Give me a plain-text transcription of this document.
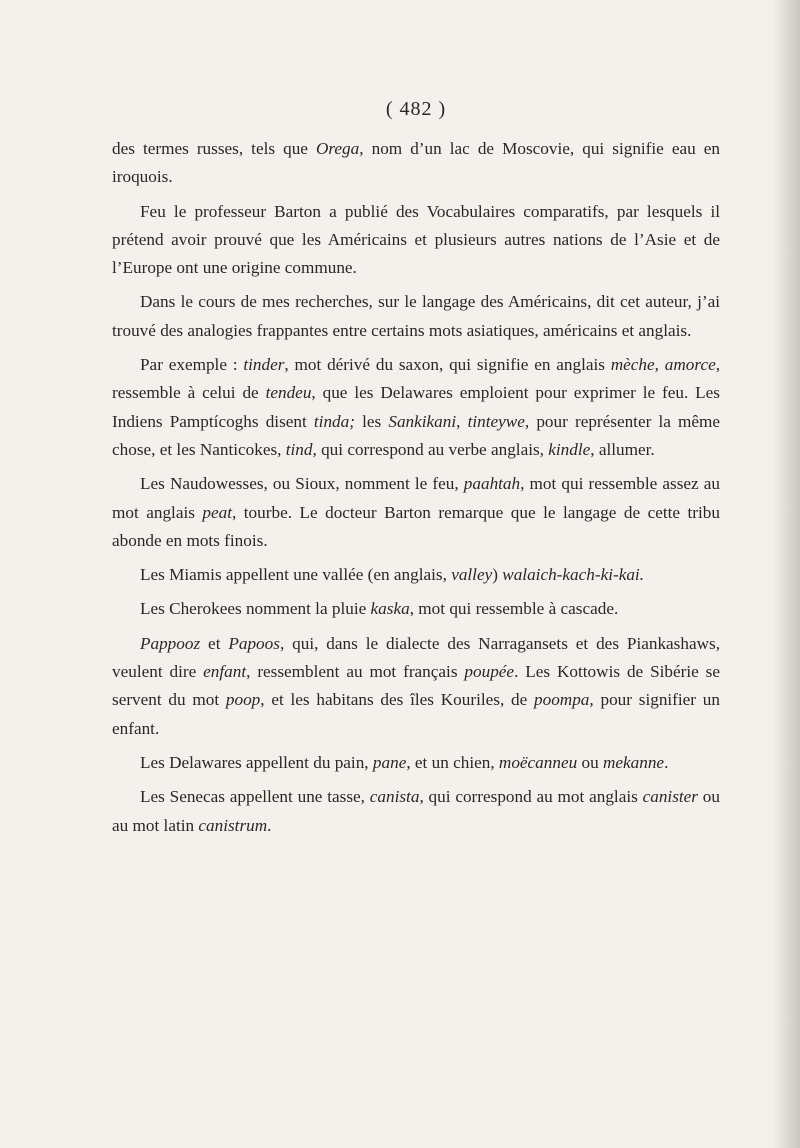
( 482 )

des termes russes, tels que Orega, nom d’un lac de Moscovie, qui signifie eau en iroquois.

Feu le professeur Barton a publié des Vocabulaires comparatifs, par lesquels il prétend avoir prouvé que les Américains et plusieurs autres nations de l’Asie et de l’Europe ont une origine commune.

Dans le cours de mes recherches, sur le langage des Américains, dit cet auteur, j’ai trouvé des analogies frappantes entre certains mots asiatiques, américains et anglais.

Par exemple : tinder, mot dérivé du saxon, qui signifie en anglais mèche, amorce, ressemble à celui de tendeu, que les Delawares emploient pour exprimer le feu. Les Indiens Pamptícoghs disent tinda; les Sankikani, tinteywe, pour représenter la même chose, et les Nanticokes, tind, qui correspond au verbe anglais, kindle, allumer.

Les Naudowesses, ou Sioux, nomment le feu, paahtah, mot qui ressemble assez au mot anglais peat, tourbe. Le docteur Barton remarque que le langage de cette tribu abonde en mots finois.

Les Miamis appellent une vallée (en anglais, valley) walaich-kach-ki-kai.

Les Cherokees nomment la pluie kaska, mot qui ressemble à cascade.

Pappooz et Papoos, qui, dans le dialecte des Narragansets et des Piankashaws, veulent dire enfant, ressemblent au mot français poupée. Les Kottowis de Sibérie se servent du mot poop, et les habitans des îles Kouriles, de poompa, pour signifier un enfant.

Les Delawares appellent du pain, pane, et un chien, moëcanneu ou mekanne.

Les Senecas appellent une tasse, canista, qui correspond au mot anglais canister ou au mot latin canistrum.
